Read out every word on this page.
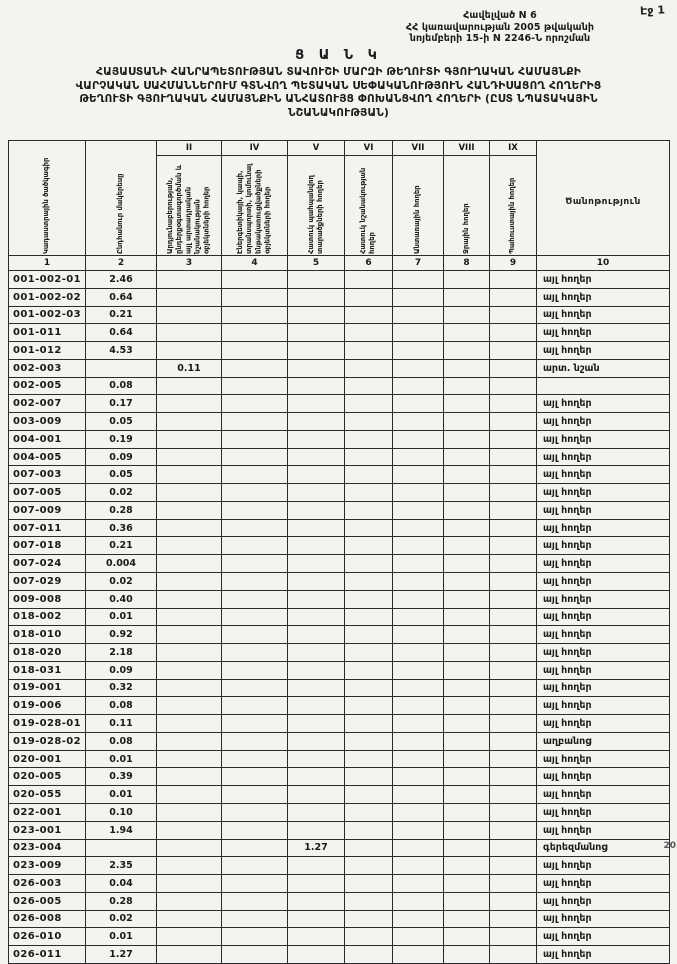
Էջ 1
Հավելված N 6
ՀՀ կառավարության 2005 թվականի
նոյեմբերի 15-ի N 2246-Ն որոշման
Ց Ա Ն Կ
ՀԱՅԱՍՏԱՆԻ ՀԱՆՐԱՊԵՏՈՒԹՅԱՆ ՏԱՎՈՒՇԻ ՄԱՐԶԻ ԹԵՂՈՒՏԻ ԳՅՈՒՂԱԿԱՆ ՀԱՄԱՅՆՔԻ
ՎԱՐՉԱԿԱՆ ՍԱՀՄԱՆՆԵՐՈՒՄ ԳՏՆՎՈՂ ՊԵՏԱԿԱՆ ՍԵՓԱԿԱՆՈՒԹՅՈՒՆ ՀԱՆԴԻՍԱՑՈՂ ՀՈՂԵՐԻՑ
ԹԵՂՈՒՏԻ ԳՅՈՒՂԱԿԱՆ ՀԱՄԱՅՆՔԻՆ ԱՆՀԱՏՈՒՅՑ ՓՈԽԱՆՑՎՈՂ ՀՈՂԵՐԻ (ԸՍՏ ՆՊԱՏԱԿԱՅԻՆ
ՆՇԱՆԱԿՈՒԹՅԱՆ)
Կադաստրային ծածկագիր	Ընդհանուր մակերեսը	II	IV	V	VI	VII	VIII	IX	Ծանոթություն

		Արդյունաբերության, ընդերքօգտագործման և այլ արտադրական նշանակության օբյեկտների հողեր	Էներգետիկայի, կապի, տրանսպորտի, կոմունալ ենթակառուցվածքների օբյեկտների հողեր	Հատուկ պահպանվող տարածքների հողեր	Հատուկ նշանակության հողեր	Անտառային հողեր	Ջրային հողեր	Պահուստային հողեր	

1	2	3	4	5	6	7	8	9	10
001-002-01	2.46								այլ հողեր
001-002-02	0.64								այլ հողեր
001-002-03	0.21								այլ հողեր
001-011	0.64								այլ հողեր
001-012	4.53								այլ հողեր
002-003		0.11							արտ. նշան
002-005	0.08								
002-007	0.17								այլ հողեր
003-009	0.05								այլ հողեր
004-001	0.19								այլ հողեր
004-005	0.09								այլ հողեր
007-003	0.05								այլ հողեր
007-005	0.02								այլ հողեր
007-009	0.28								այլ հողեր
007-011	0.36								այլ հողեր
007-018	0.21								այլ հողեր
007-024	0.004								այլ հողեր
007-029	0.02								այլ հողեր
009-008	0.40								այլ հողեր
018-002	0.01								այլ հողեր
018-010	0.92								այլ հողեր
018-020	2.18								այլ հողեր
018-031	0.09								այլ հողեր
019-001	0.32								այլ հողեր
019-006	0.08								այլ հողեր
019-028-01	0.11								այլ հողեր
019-028-02	0.08								աղբանոց
020-001	0.01								այլ հողեր
020-005	0.39								այլ հողեր
020-055	0.01								այլ հողեր
022-001	0.10								այլ հողեր
023-001	1.94								այլ հողեր
023-004				1.27					գերեզմանոց
023-009	2.35								այլ հողեր
026-003	0.04								այլ հողեր
026-005	0.28								այլ հողեր
026-008	0.02								այլ հողեր
026-010	0.01								այլ հողեր
026-011	1.27								այլ հողեր
20
